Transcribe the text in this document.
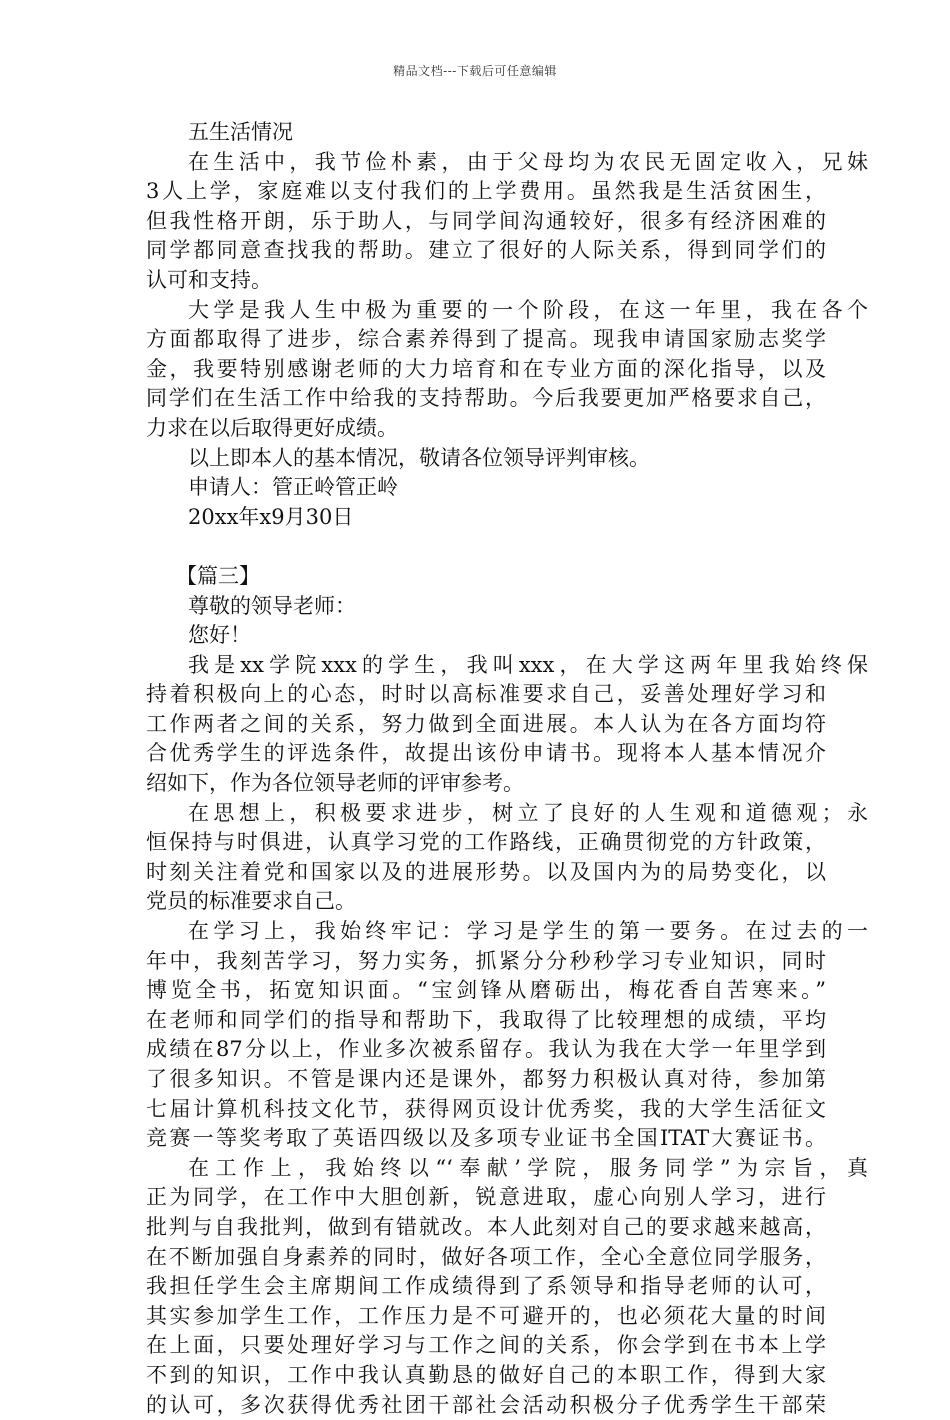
精品文档---下载后可任意编辑
五生活情况
在生活中，我节俭朴素，由于父母均为农民无固定收入，兄妹
3人上学，家庭难以支付我们的上学费用。虽然我是生活贫困生，
但我性格开朗，乐于助人，与同学间沟通较好，很多有经济困难的
同学都同意查找我的帮助。建立了很好的人际关系，得到同学们的
认可和支持。
大学是我人生中极为重要的一个阶段，在这一年里，我在各个
方面都取得了进步，综合素养得到了提高。现我申请国家励志奖学
金，我要特别感谢老师的大力培育和在专业方面的深化指导，以及
同学们在生活工作中给我的支持帮助。今后我要更加严格要求自己，
力求在以后取得更好成绩。
以上即本人的基本情况，敬请各位领导评判审核。
申请人：管正岭管正岭
20xx年x9月30日
【篇三】
尊敬的领导老师：
您好！
我是xx学院xxx的学生，我叫xxx，在大学这两年里我始终保
持着积极向上的心态，时时以高标准要求自己，妥善处理好学习和
工作两者之间的关系，努力做到全面进展。本人认为在各方面均符
合优秀学生的评选条件，故提出该份申请书。现将本人基本情况介
绍如下，作为各位领导老师的评审参考。
在思想上，积极要求进步，树立了良好的人生观和道德观；永
恒保持与时俱进，认真学习党的工作路线，正确贯彻党的方针政策，
时刻关注着党和国家以及的进展形势。以及国内为的局势变化，以
党员的标准要求自己。
在学习上，我始终牢记：学习是学生的第一要务。在过去的一
年中，我刻苦学习，努力实务，抓紧分分秒秒学习专业知识，同时
博览全书，拓宽知识面。“宝剑锋从磨砺出，梅花香自苦寒来。”
在老师和同学们的指导和帮助下，我取得了比较理想的成绩，平均
成绩在87分以上，作业多次被系留存。我认为我在大学一年里学到
了很多知识。不管是课内还是课外，都努力积极认真对待，参加第
七届计算机科技文化节，获得网页设计优秀奖，我的大学生活征文
竞赛一等奖考取了英语四级以及多项专业证书全国ITAT大赛证书。
在工作上，我始终以“‘奉献’学院，服务同学”为宗旨，真
正为同学，在工作中大胆创新，锐意进取，虚心向别人学习，进行
批判与自我批判，做到有错就改。本人此刻对自己的要求越来越高，
在不断加强自身素养的同时，做好各项工作，全心全意位同学服务，
我担任学生会主席期间工作成绩得到了系领导和指导老师的认可，
其实参加学生工作，工作压力是不可避开的，也必须花大量的时间
在上面，只要处理好学习与工作之间的关系，你会学到在书本上学
不到的知识，工作中我认真勤恳的做好自己的本职工作，得到大家
的认可，多次获得优秀社团干部社会活动积极分子优秀学生干部荣
